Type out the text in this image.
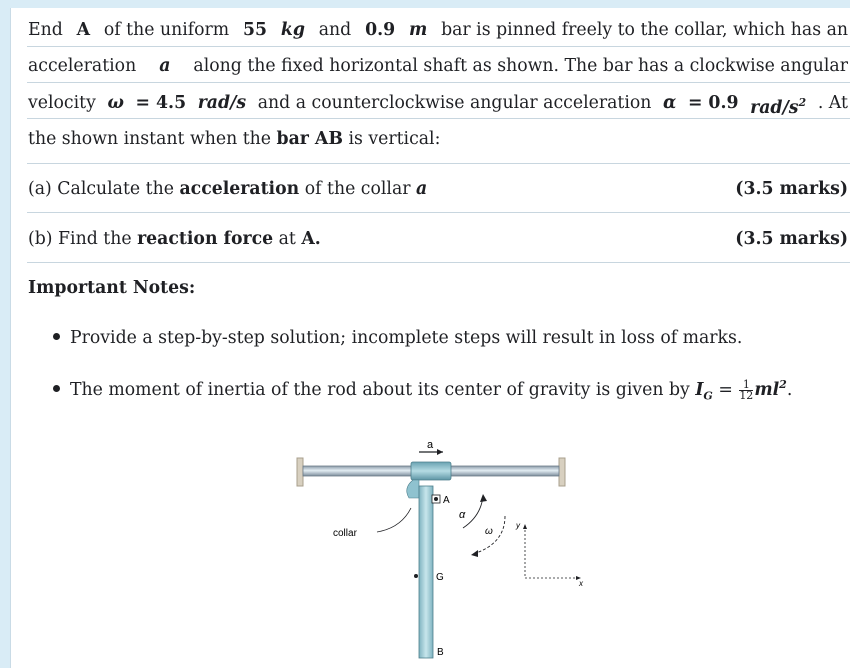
End A of the uniform 55 kg and 0.9 m bar is pinned freely to the collar, which has an
acceleration a along the fixed horizontal shaft as shown. The bar has a clockwise angular
velocity ω = 4.5 rad/s and a counterclockwise angular acceleration α = 0.9 rad/$s^2$ . At
the shown instant when the bar AB is vertical:
(a) Calculate the acceleration of the collar a	(3.5 marks)
(b) Find the reaction force at A.	(3.5 marks)
Important Notes:
Provide a step-by-step solution; incomplete steps will result in loss of marks.
The moment of inertia of the rod about its center of gravity is given by $I_G = \frac{1}{12} ml^2$.
a
A
collar
G
B
α
ω
y
x
